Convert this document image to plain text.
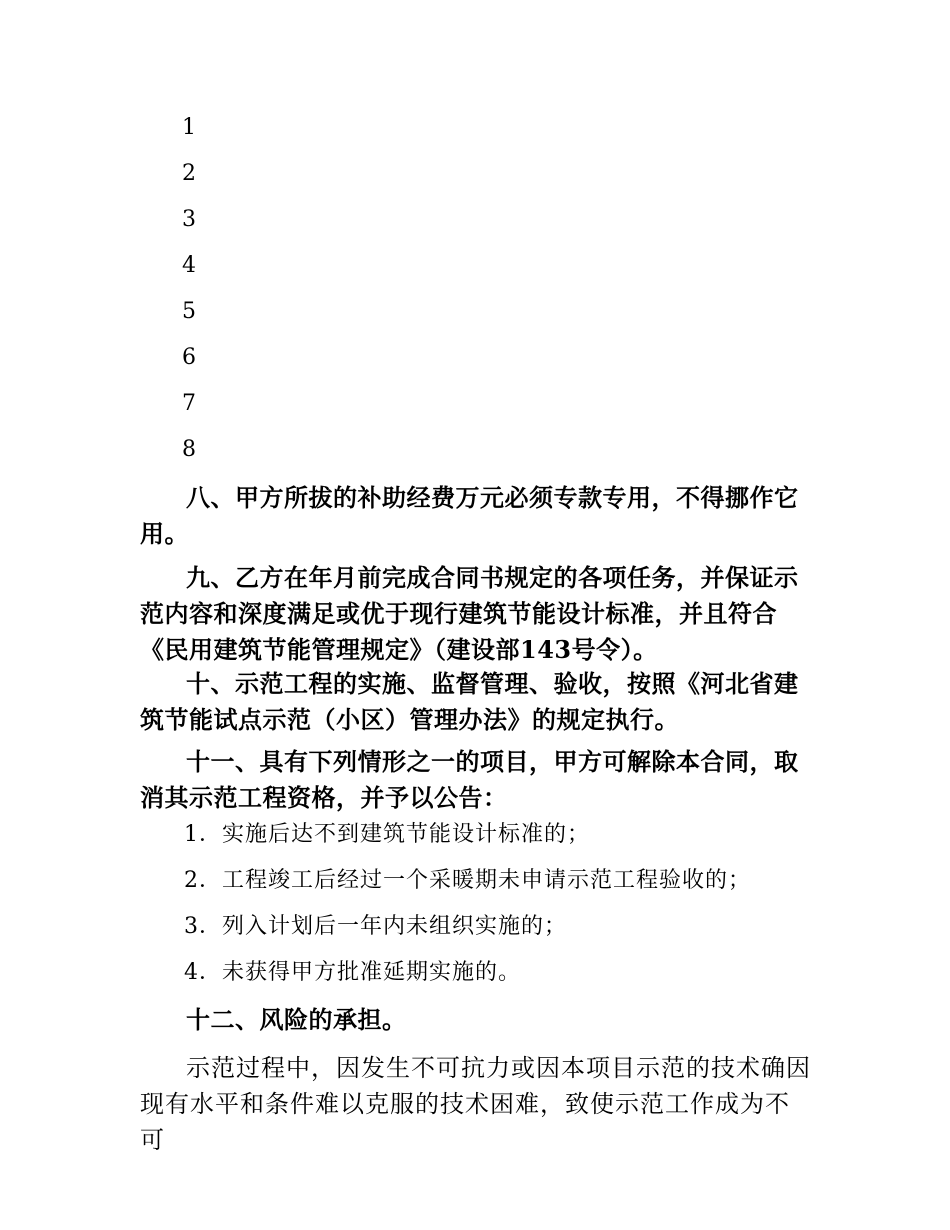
1
2
3
4
5
6
7
8

八、甲方所拔的补助经费万元必须专款专用，不得挪作它用。

九、乙方在年月前完成合同书规定的各项任务，并保证示范内容和深度满足或优于现行建筑节能设计标准，并且符合《民用建筑节能管理规定》（建设部143号令）。

十、示范工程的实施、监督管理、验收，按照《河北省建筑节能试点示范（小区）管理办法》的规定执行。

十一、具有下列情形之一的项目，甲方可解除本合同，取消其示范工程资格，并予以公告：

1．实施后达不到建筑节能设计标准的；
2．工程竣工后经过一个采暖期未申请示范工程验收的；
3．列入计划后一年内未组织实施的；
4．未获得甲方批准延期实施的。

十二、风险的承担。

示范过程中，因发生不可抗力或因本项目示范的技术确因现有水平和条件难以克服的技术困难，致使示范工作成为不可
